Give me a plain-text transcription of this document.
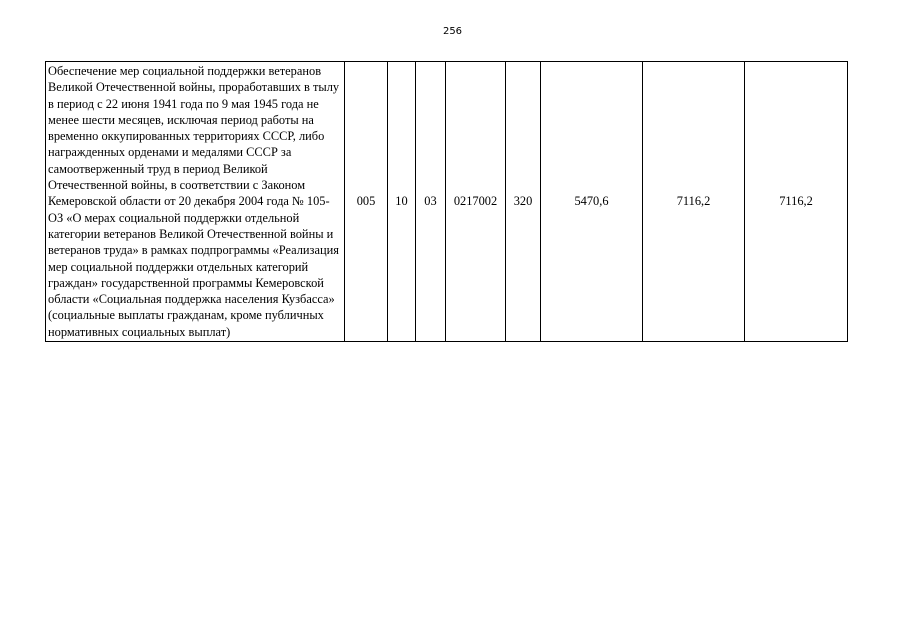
256
Обеспечение мер социальной поддержки ветеранов Великой Отечественной войны, проработавших в тылу в период с 22 июня 1941 года по 9 мая 1945 года не менее шести месяцев, исключая период работы на временно оккупированных территориях СССР, либо награжденных орденами и медалями СССР за самоотверженный труд в период Великой Отечественной войны, в соответствии с Законом Кемеровской области от 20 декабря 2004 года № 105-ОЗ «О мерах социальной поддержки отдельной категории ветеранов Великой Отечественной войны и ветеранов труда» в рамках подпрограммы «Реализация мер социальной поддержки отдельных категорий граждан» государственной программы Кемеровской области «Социальная поддержка населения Кузбасса» (социальные выплаты гражданам, кроме публичных нормативных социальных выплат)	005	10	03	0217002	320	5470,6	7116,2	7116,2
